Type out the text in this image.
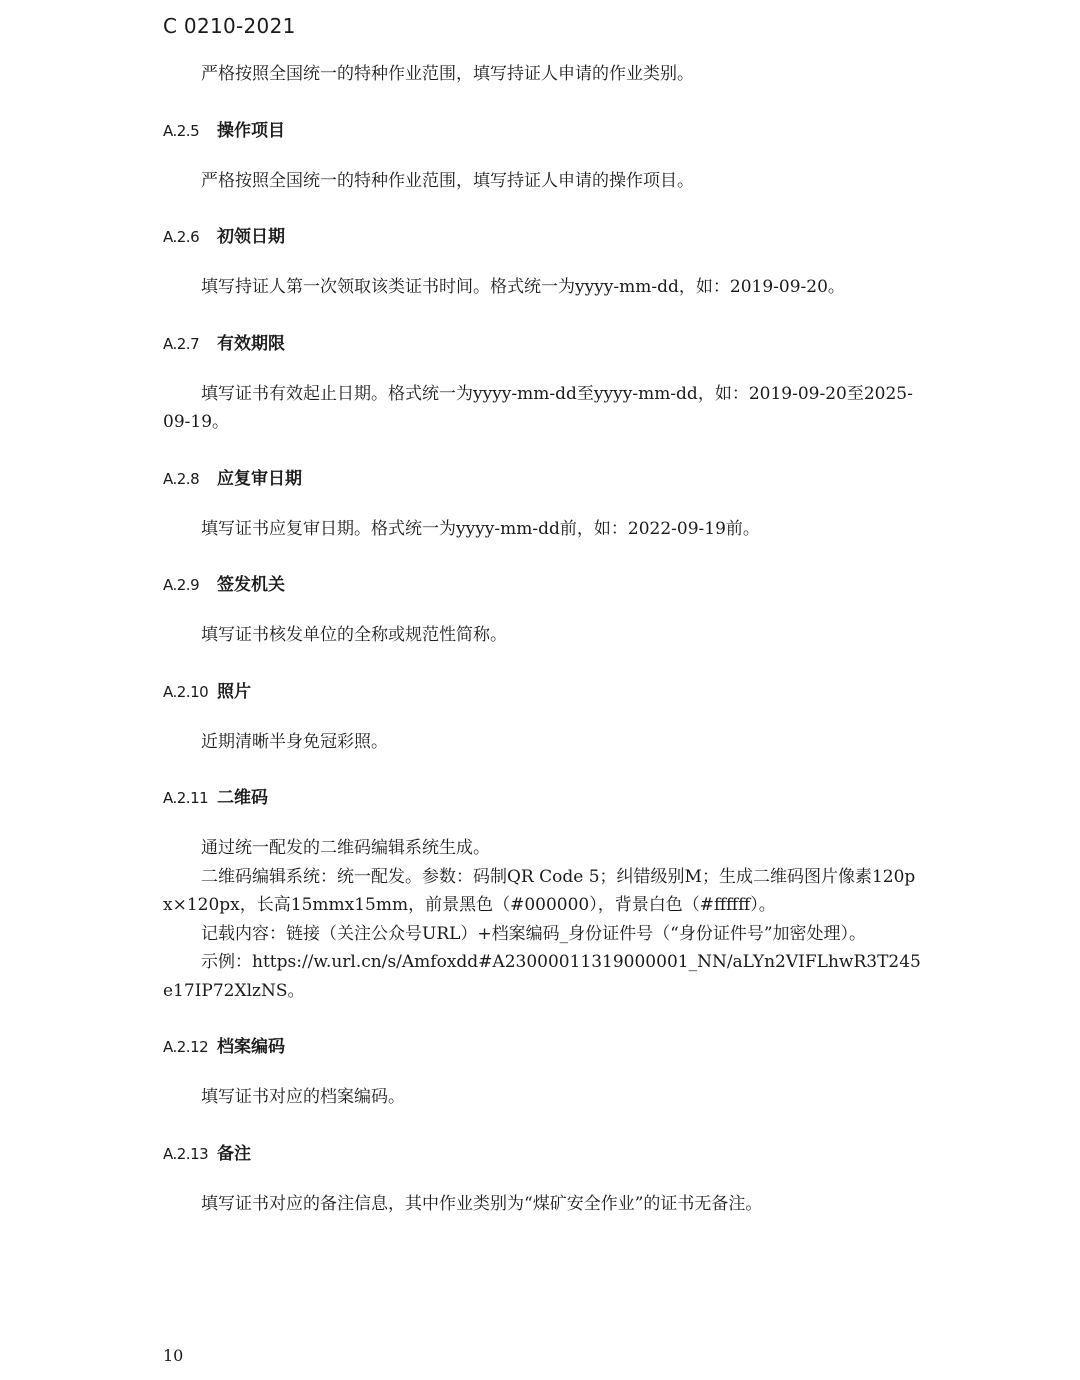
C 0210-2021

严格按照全国统一的特种作业范围，填写持证人申请的作业类别。

A.2.5	操作项目

严格按照全国统一的特种作业范围，填写持证人申请的操作项目。

A.2.6	初领日期

填写持证人第一次领取该类证书时间。格式统一为yyyy-mm-dd，如：2019-09-20。

A.2.7	有效期限

填写证书有效起止日期。格式统一为yyyy-mm-dd至yyyy-mm-dd，如：2019-09-20至2025-09-19。

A.2.8	应复审日期

填写证书应复审日期。格式统一为yyyy-mm-dd前，如：2022-09-19前。

A.2.9	签发机关

填写证书核发单位的全称或规范性简称。

A.2.10 照片

近期清晰半身免冠彩照。

A.2.11 二维码

通过统一配发的二维码编辑系统生成。

二维码编辑系统：统一配发。参数：码制QR Code 5；纠错级别M；生成二维码图片像素120px×120px，长高15mmx15mm，前景黑色（#000000），背景白色（#ffffff）。

记载内容：链接（关注公众号URL）+档案编码_身份证件号（“身份证件号”加密处理）。

示例：https://w.url.cn/s/Amfoxdd#A23000011319000001_NN/aLYn2VIFLhwR3T245e17IP72XlzNS。

A.2.12 档案编码

填写证书对应的档案编码。

A.2.13 备注

填写证书对应的备注信息，其中作业类别为“煤矿安全作业”的证书无备注。

10
